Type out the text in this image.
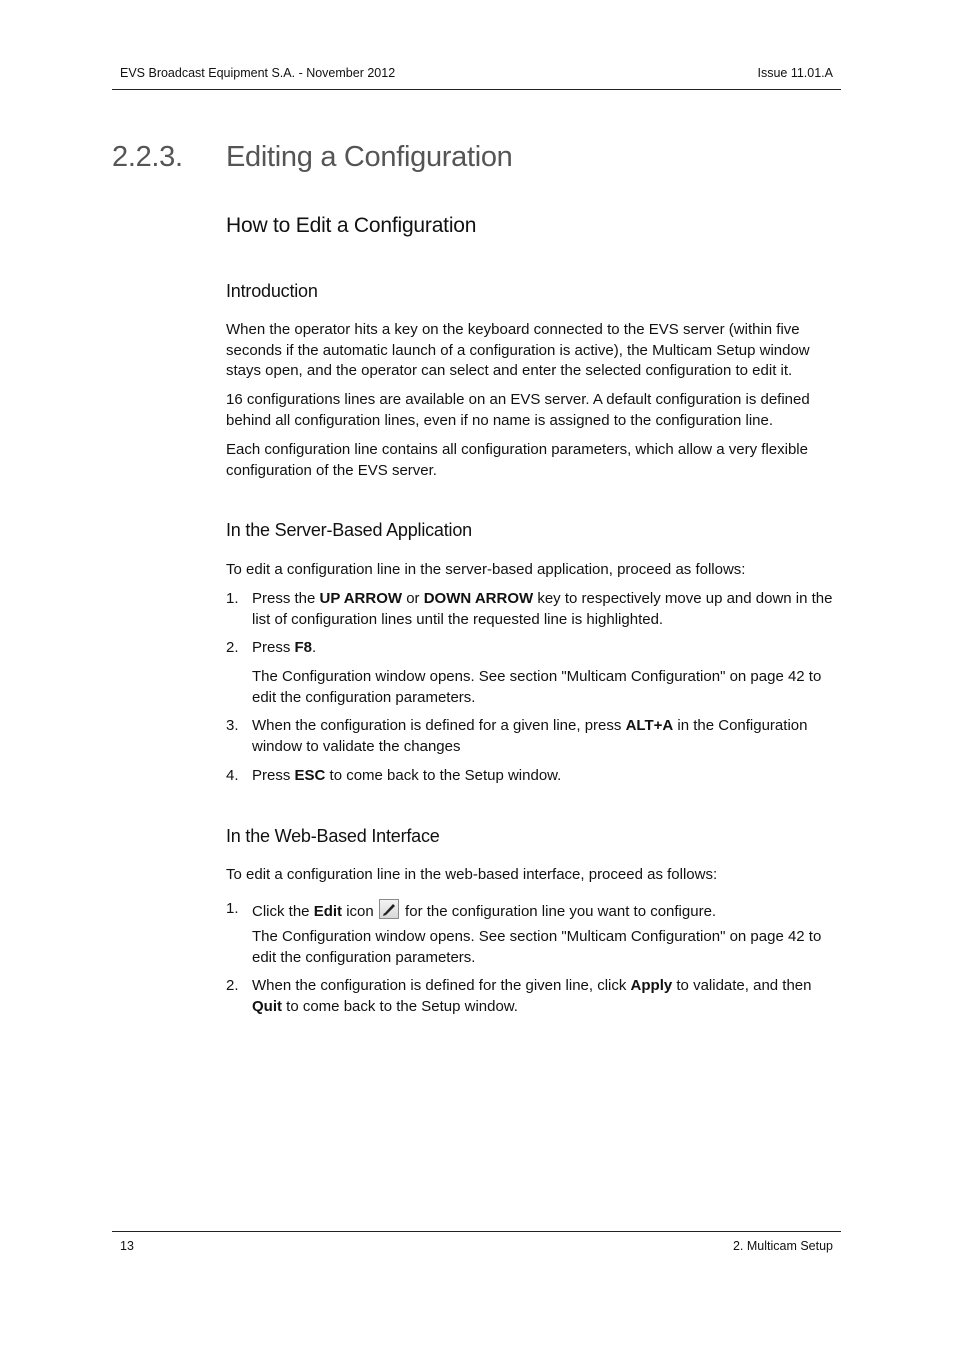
EVS Broadcast Equipment S.A. - November 2012	Issue 11.01.A
2.2.3. Editing a Configuration
How to Edit a Configuration
Introduction

When the operator hits a key on the keyboard connected to the EVS server (within five seconds if the automatic launch of a configuration is active), the Multicam Setup window stays open, and the operator can select and enter the selected configuration to edit it.

16 configurations lines are available on an EVS server. A default configuration is defined behind all configuration lines, even if no name is assigned to the configuration line.

Each configuration line contains all configuration parameters, which allow a very flexible configuration of the EVS server.

In the Server-Based Application

To edit a configuration line in the server-based application, proceed as follows:

1. Press the UP ARROW or DOWN ARROW key to respectively move up and down in the list of configuration lines until the requested line is highlighted.
2. Press F8.

The Configuration window opens. See section "Multicam Configuration" on page 42 to edit the configuration parameters.

3. When the configuration is defined for a given line, press ALT+A in the Configuration window to validate the changes
4. Press ESC to come back to the Setup window.
In the Web-Based Interface

To edit a configuration line in the web-based interface, proceed as follows:

1. Click the Edit icon
for the configuration line you want to configure.

The Configuration window opens. See section "Multicam Configuration" on page 42 to edit the configuration parameters.

2. When the configuration is defined for the given line, click Apply to validate, and then Quit to come back to the Setup window.
13	2. Multicam Setup
